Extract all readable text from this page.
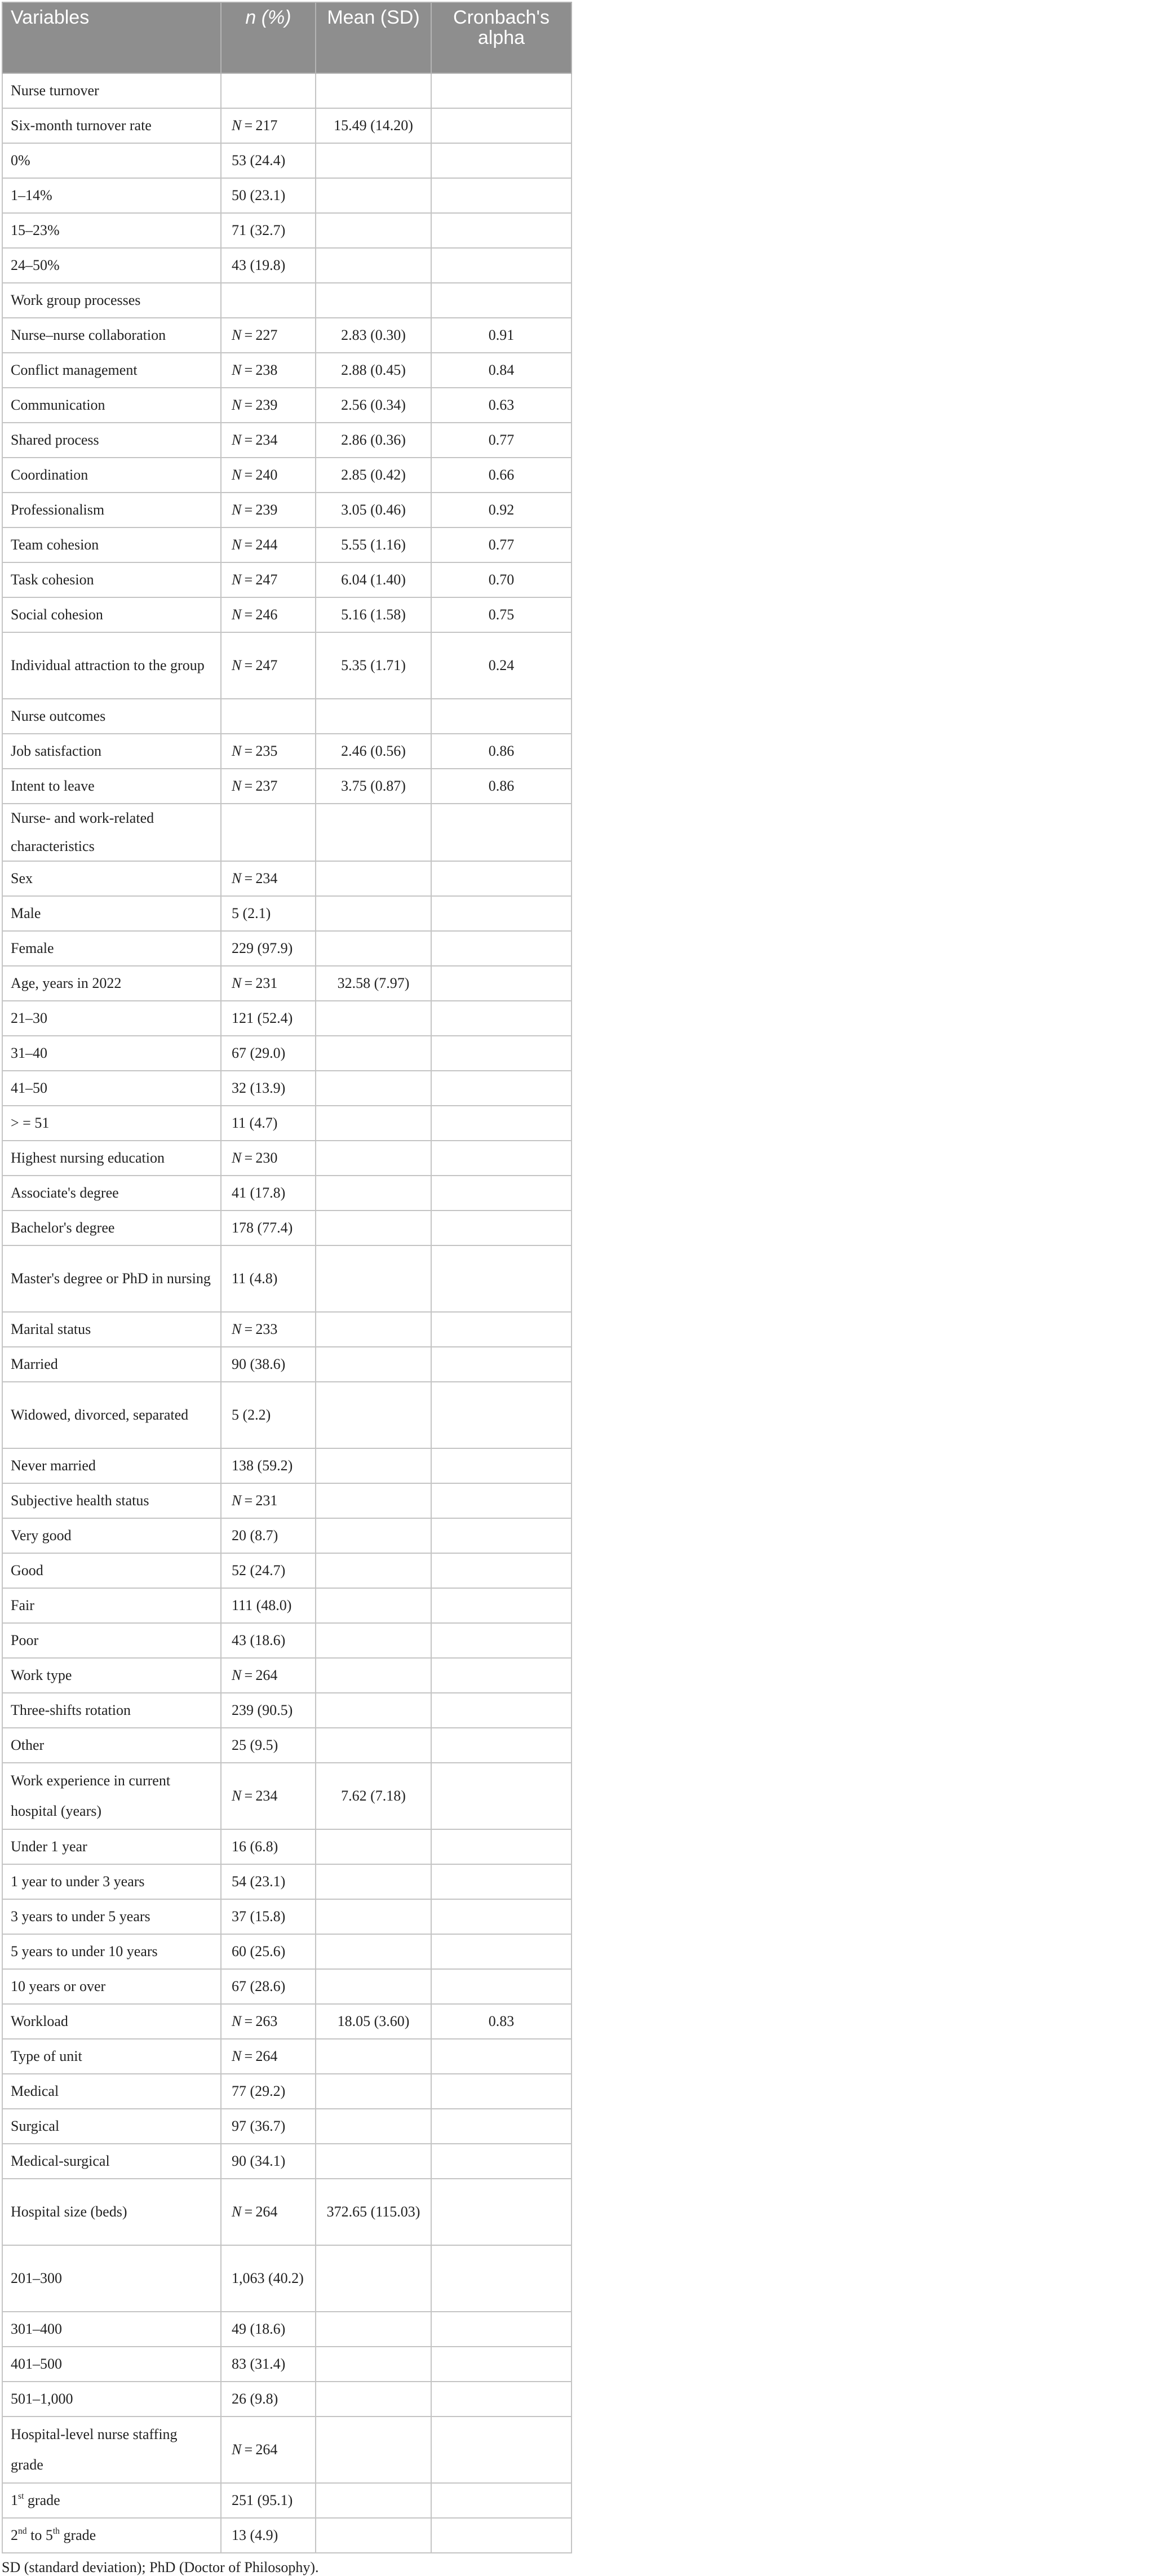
Variables	n (%)	Mean (SD)	Cronbach's alpha
Nurse turnover			
Six-month turnover rate	N = 217	15.49 (14.20)	
0%	53 (24.4)		
1–14%	50 (23.1)		
15–23%	71 (32.7)		
24–50%	43 (19.8)		
Work group processes			
Nurse–nurse collaboration	N = 227	2.83 (0.30)	0.91
Conflict management	N = 238	2.88 (0.45)	0.84
Communication	N = 239	2.56 (0.34)	0.63
Shared process	N = 234	2.86 (0.36)	0.77
Coordination	N = 240	2.85 (0.42)	0.66
Professionalism	N = 239	3.05 (0.46)	0.92
Team cohesion	N = 244	5.55 (1.16)	0.77
Task cohesion	N = 247	6.04 (1.40)	0.70
Social cohesion	N = 246	5.16 (1.58)	0.75
Individual attraction to the group	N = 247	5.35 (1.71)	0.24
Nurse outcomes			
Job satisfaction	N = 235	2.46 (0.56)	0.86
Intent to leave	N = 237	3.75 (0.87)	0.86
Nurse- and work-related characteristics			
Sex	N = 234		
Male	5 (2.1)		
Female	229 (97.9)		
Age, years in 2022	N = 231	32.58 (7.97)	
21–30	121 (52.4)		
31–40	67 (29.0)		
41–50	32 (13.9)		
> = 51	11 (4.7)		
Highest nursing education	N = 230		
Associate's degree	41 (17.8)		
Bachelor's degree	178 (77.4)		
Master's degree or PhD in nursing	11 (4.8)		
Marital status	N = 233		
Married	90 (38.6)		
Widowed, divorced, separated	5 (2.2)		
Never married	138 (59.2)		
Subjective health status	N = 231		
Very good	20 (8.7)		
Good	52 (24.7)		
Fair	111 (48.0)		
Poor	43 (18.6)		
Work type	N = 264		
Three-shifts rotation	239 (90.5)		
Other	25 (9.5)		
Work experience in current hospital (years)	N = 234	7.62 (7.18)	
Under 1 year	16 (6.8)		
1 year to under 3 years	54 (23.1)		
3 years to under 5 years	37 (15.8)		
5 years to under 10 years	60 (25.6)		
10 years or over	67 (28.6)		
Workload	N = 263	18.05 (3.60)	0.83
Type of unit	N = 264		
Medical	77 (29.2)		
Surgical	97 (36.7)		
Medical-surgical	90 (34.1)		
Hospital size (beds)	N = 264	372.65 (115.03)	
201–300	1,063 (40.2)		
301–400	49 (18.6)		
401–500	83 (31.4)		
501–1,000	26 (9.8)		
Hospital-level nurse staffing grade	N = 264		
1st grade	251 (95.1)		
2nd to 5th grade	13 (4.9)		
SD (standard deviation); PhD (Doctor of Philosophy).
